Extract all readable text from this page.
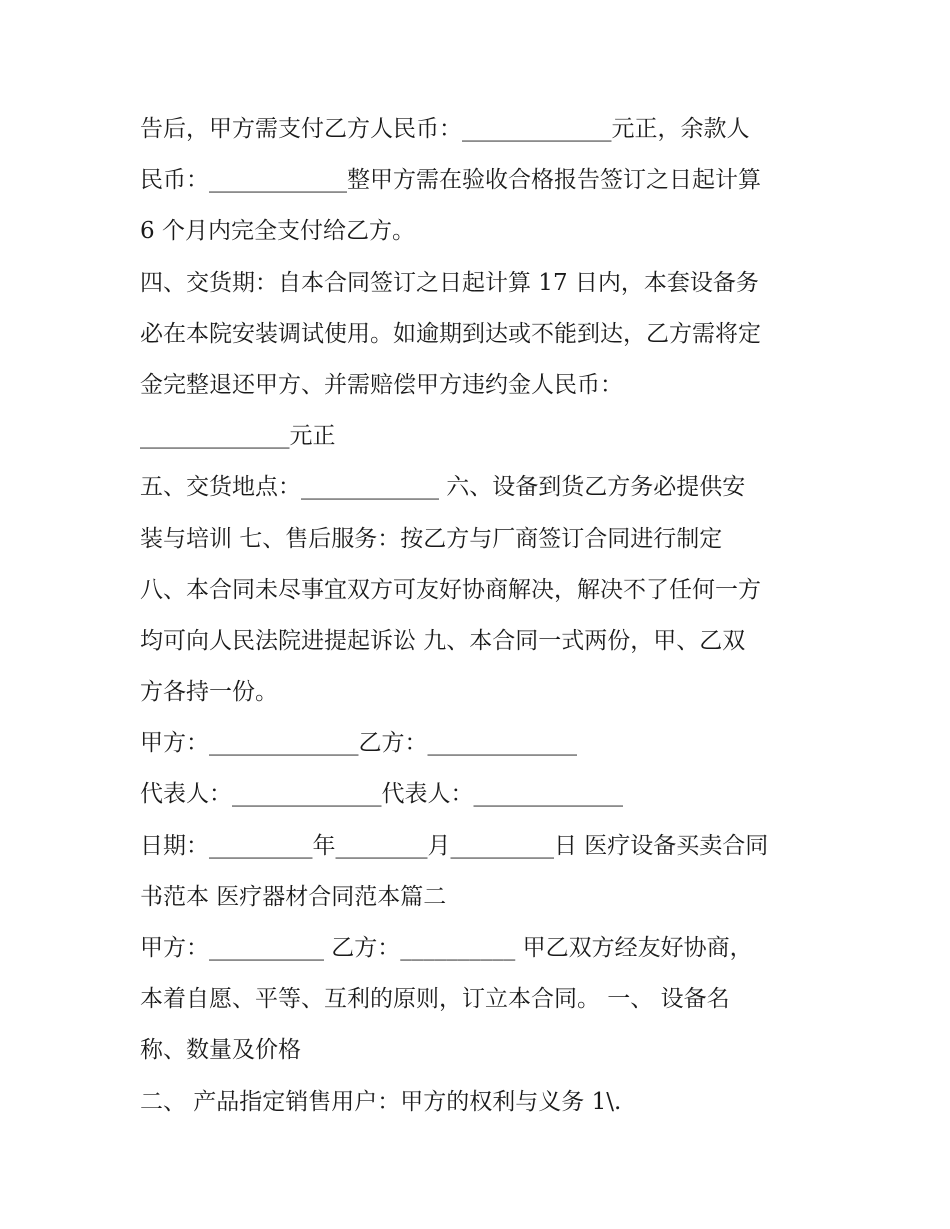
告后，甲方需支付乙方人民币：_____________元正，余款人
民币：____________整甲方需在验收合格报告签订之日起计算
6 个月内完全支付给乙方。
四、交货期：自本合同签订之日起计算 17 日内，本套设备务
必在本院安装调试使用。如逾期到达或不能到达，乙方需将定
金完整退还甲方、并需赔偿甲方违约金人民币：
_____________元正
五、交货地点：____________ 六、设备到货乙方务必提供安
装与培训 七、售后服务：按乙方与厂商签订合同进行制定
八、本合同未尽事宜双方可友好协商解决，解决不了任何一方
均可向人民法院进提起诉讼 九、本合同一式两份，甲、乙双
方各持一份。
甲方：_____________乙方：_____________
代表人：_____________代表人：_____________
日期：_________年________月_________日 医疗设备买卖合同
书范本 医疗器材合同范本篇二
甲方：__________ 乙方：__________ 甲乙双方经友好协商，
本着自愿、平等、互利的原则，订立本合同。 一、 设备名
称、数量及价格
二、 产品指定销售用户：甲方的权利与义务 1\.
